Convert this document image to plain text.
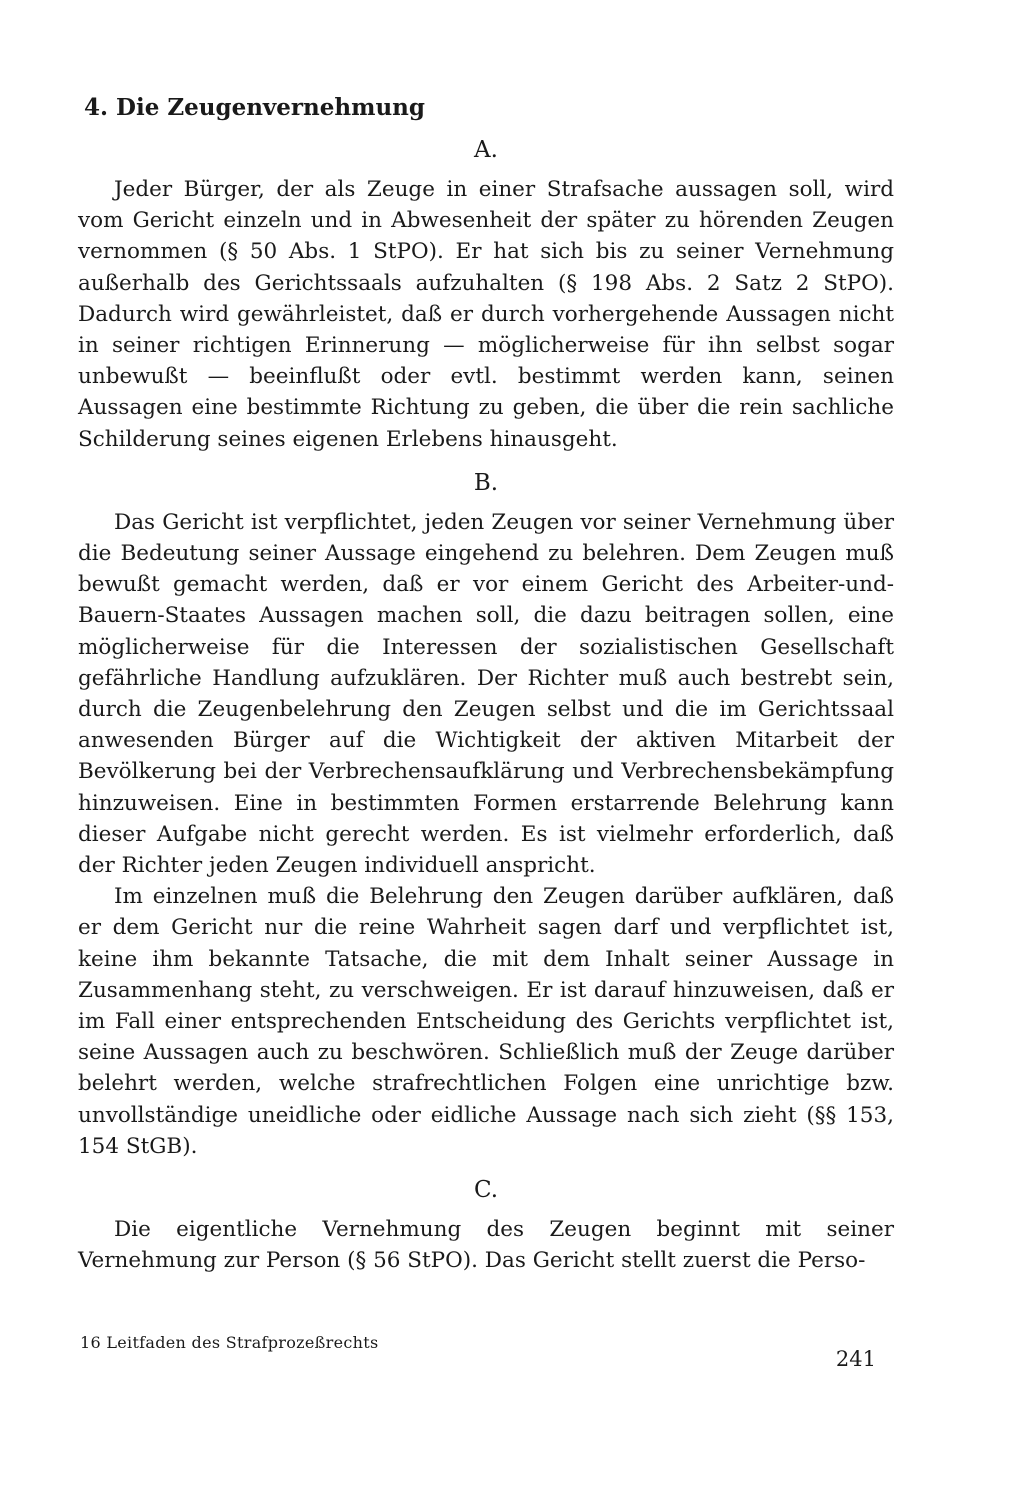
4. Die Zeugenvernehmung

A.

Jeder Bürger, der als Zeuge in einer Strafsache aussagen soll, wird vom Gericht einzeln und in Abwesenheit der später zu hörenden Zeugen vernommen (§ 50 Abs. 1 StPO). Er hat sich bis zu seiner Vernehmung außerhalb des Gerichtssaals aufzuhalten (§ 198 Abs. 2 Satz 2 StPO). Dadurch wird gewährleistet, daß er durch vorhergehende Aussagen nicht in seiner richtigen Erinnerung — möglicherweise für ihn selbst sogar unbewußt — beeinflußt oder evtl. bestimmt werden kann, seinen Aussagen eine bestimmte Richtung zu geben, die über die rein sachliche Schilderung seines eigenen Erlebens hinausgeht.

B.

Das Gericht ist verpflichtet, jeden Zeugen vor seiner Vernehmung über die Bedeutung seiner Aussage eingehend zu belehren. Dem Zeugen muß bewußt gemacht werden, daß er vor einem Gericht des Arbeiter-und-Bauern-Staates Aussagen machen soll, die dazu beitragen sollen, eine möglicherweise für die Interessen der sozialistischen Gesellschaft gefährliche Handlung aufzuklären. Der Richter muß auch bestrebt sein, durch die Zeugenbelehrung den Zeugen selbst und die im Gerichtssaal anwesenden Bürger auf die Wichtigkeit der aktiven Mitarbeit der Bevölkerung bei der Verbrechensaufklärung und Verbrechensbekämpfung hinzuweisen. Eine in bestimmten Formen erstarrende Belehrung kann dieser Aufgabe nicht gerecht werden. Es ist vielmehr erforderlich, daß der Richter jeden Zeugen individuell anspricht.

Im einzelnen muß die Belehrung den Zeugen darüber aufklären, daß er dem Gericht nur die reine Wahrheit sagen darf und verpflichtet ist, keine ihm bekannte Tatsache, die mit dem Inhalt seiner Aussage in Zusammenhang steht, zu verschweigen. Er ist darauf hinzuweisen, daß er im Fall einer entsprechenden Entscheidung des Gerichts verpflichtet ist, seine Aussagen auch zu beschwören. Schließlich muß der Zeuge darüber belehrt werden, welche strafrechtlichen Folgen eine unrichtige bzw. unvollständige uneidliche oder eidliche Aussage nach sich zieht (§§ 153, 154 StGB).

C.

Die eigentliche Vernehmung des Zeugen beginnt mit seiner Vernehmung zur Person (§ 56 StPO). Das Gericht stellt zuerst die Perso-

16 Leitfaden des Strafprozeßrechts
241
